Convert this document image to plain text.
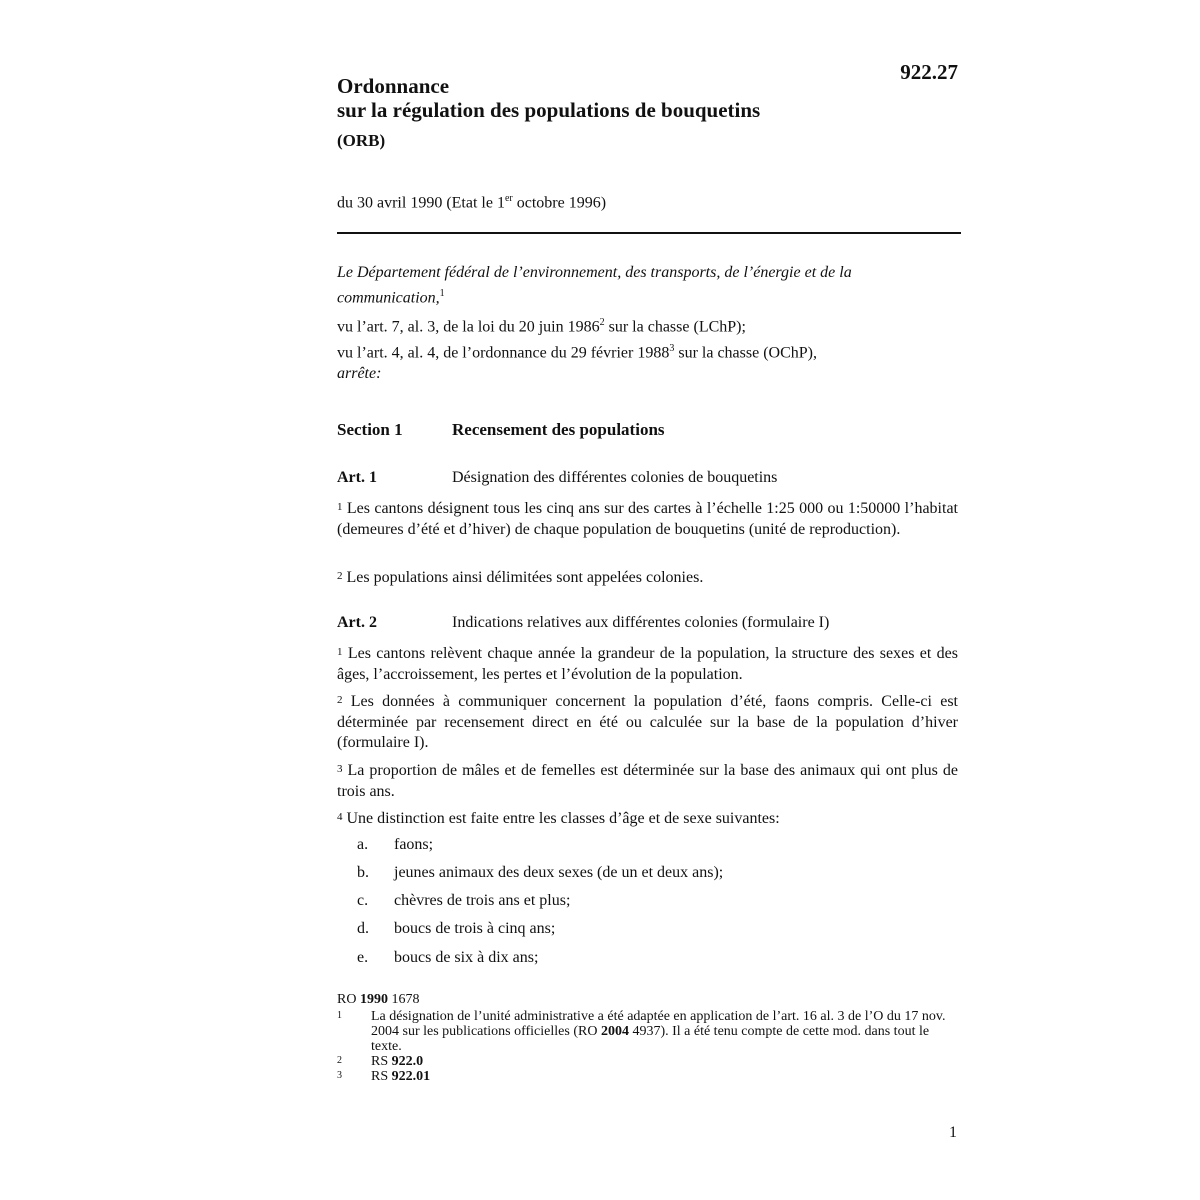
922.27
Ordonnance
sur la régulation des populations de bouquetins
(ORB)
du 30 avril 1990 (Etat le 1er octobre 1996)

Le Département fédéral de l’environnement, des transports, de l’énergie et de la communication,$^1$

vu l’art. 7, al. 3, de la loi du 20 juin 1986$^2$ sur la chasse (LChP);

vu l’art. 4, al. 4, de l’ordonnance du 29 février 1988$^3$ sur la chasse (OChP),

arrête:

Section 1	Recensement des populations
Art. 1	Désignation des différentes colonies de bouquetins
1 Les cantons désignent tous les cinq ans sur des cartes à l’échelle 1:25 000 ou 1:50000 l’habitat (demeures d’été et d’hiver) de chaque population de bouquetins (unité de reproduction).
2 Les populations ainsi délimitées sont appelées colonies.
Art. 2	Indications relatives aux différentes colonies (formulaire I)
1 Les cantons relèvent chaque année la grandeur de la population, la structure des sexes et des âges, l’accroissement, les pertes et l’évolution de la population.
2 Les données à communiquer concernent la population d’été, faons compris. Celle-ci est déterminée par recensement direct en été ou calculée sur la base de la population d’hiver (formulaire I).
3 La proportion de mâles et de femelles est déterminée sur la base des animaux qui ont plus de trois ans.
4 Une distinction est faite entre les classes d’âge et de sexe suivantes:
a. faons;
b. jeunes animaux des deux sexes (de un et deux ans);
c. chèvres de trois ans et plus;
d. boucs de trois à cinq ans;
e. boucs de six à dix ans;
RO 1990 1678
1 La désignation de l’unité administrative a été adaptée en application de l’art. 16 al. 3 de l’O du 17 nov. 2004 sur les publications officielles (RO 2004 4937). Il a été tenu compte de cette mod. dans tout le texte.
2 RS 922.0
3 RS 922.01
1
